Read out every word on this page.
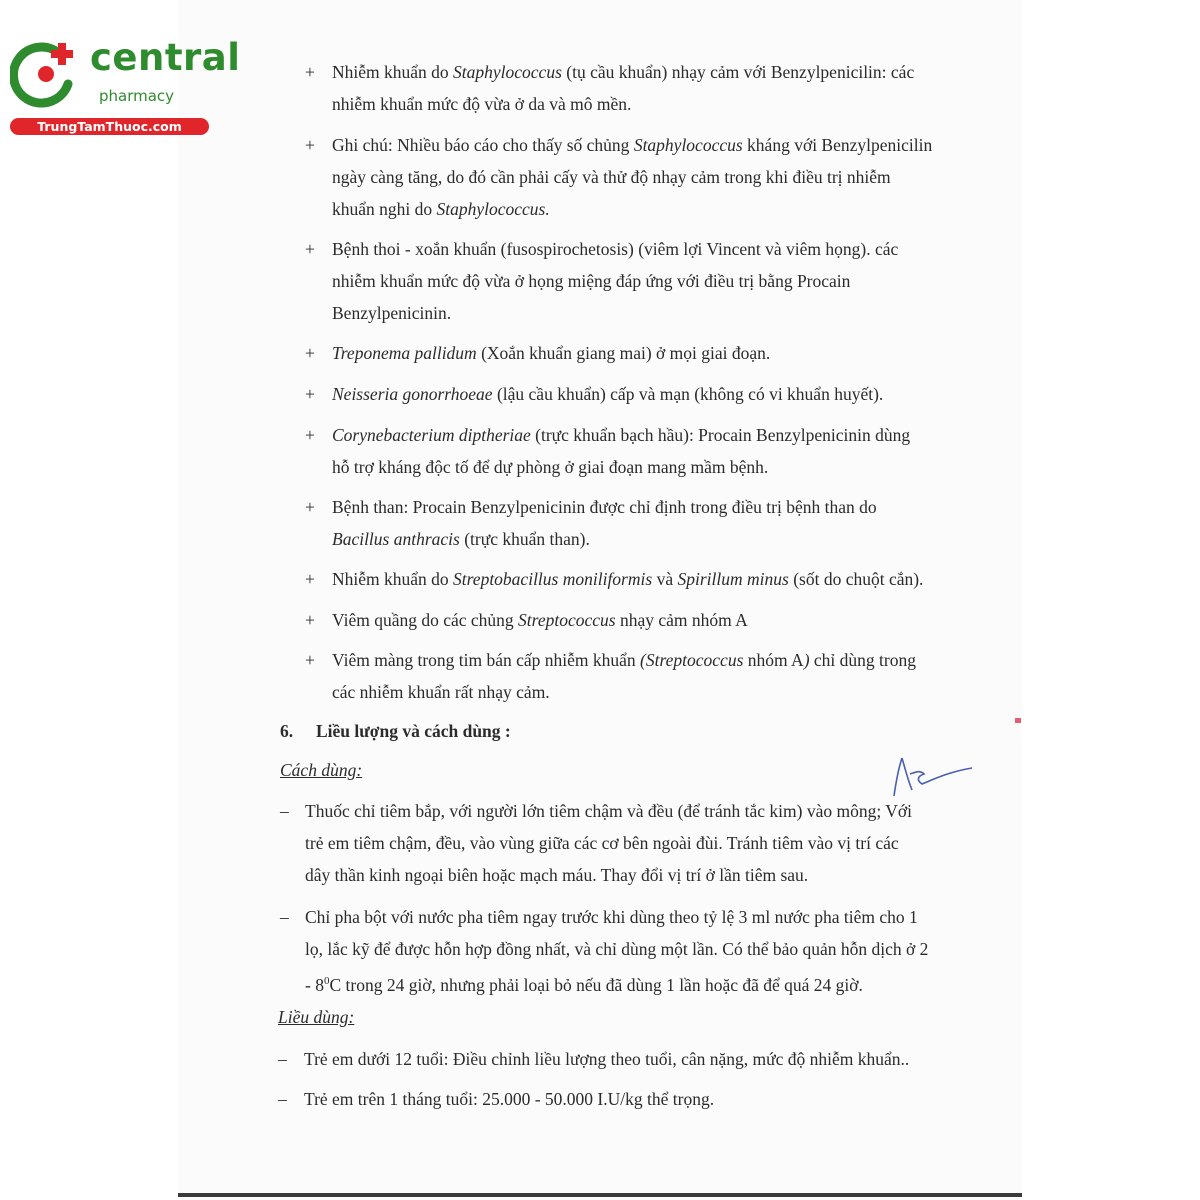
central
pharmacy
TrungTamThuoc.com
6. Liều lượng và cách dùng :
Cách dùng:
Liều dùng:
+ Nhiễm khuẩn do Staphylococcus (tụ cầu khuẩn) nhạy cảm với Benzylpenicilin: các
nhiễm khuẩn mức độ vừa ở da và mô mền.
+ Ghi chú: Nhiều báo cáo cho thấy số chủng Staphylococcus kháng với Benzylpenicilin
ngày càng tăng, do đó cần phải cấy và thử độ nhạy cảm trong khi điều trị nhiễm
khuẩn nghi do Staphylococcus.
+ Bệnh thoi - xoắn khuẩn (fusospirochetosis) (viêm lợi Vincent và viêm họng). các
nhiễm khuẩn mức độ vừa ở họng miệng đáp ứng với điều trị bằng Procain
Benzylpenicinin.
+ Treponema pallidum (Xoắn khuẩn giang mai) ở mọi giai đoạn.
+ Neisseria gonorrhoeae (lậu cầu khuẩn) cấp và mạn (không có vi khuẩn huyết).
+ Corynebacterium diptheriae (trực khuẩn bạch hầu): Procain Benzylpenicinin dùng
hỗ trợ kháng độc tố để dự phòng ở giai đoạn mang mầm bệnh.
+ Bệnh than: Procain Benzylpenicinin được chỉ định trong điều trị bệnh than do
Bacillus anthracis (trực khuẩn than).
+ Nhiễm khuẩn do Streptobacillus moniliformis và Spirillum minus (sốt do chuột cắn).
+ Viêm quầng do các chủng Streptococcus nhạy cảm nhóm A
+ Viêm màng trong tim bán cấp nhiễm khuẩn (Streptococcus nhóm A) chỉ dùng trong
các nhiễm khuẩn rất nhạy cảm.
– Thuốc chỉ tiêm bắp, với người lớn tiêm chậm và đều (để tránh tắc kim) vào mông; Với
trẻ em tiêm chậm, đều, vào vùng giữa các cơ bên ngoài đùi. Tránh tiêm vào vị trí các
dây thần kinh ngoại biên hoặc mạch máu. Thay đổi vị trí ở lần tiêm sau.
– Chỉ pha bột với nước pha tiêm ngay trước khi dùng theo tỷ lệ 3 ml nước pha tiêm cho 1
lọ, lắc kỹ để được hỗn hợp đồng nhất, và chỉ dùng một lần. Có thể bảo quản hỗn dịch ở 2
- $8^0C$ trong 24 giờ, nhưng phải loại bỏ nếu đã dùng 1 lần hoặc đã để quá 24 giờ.
– Trẻ em dưới 12 tuổi: Điều chỉnh liều lượng theo tuổi, cân nặng, mức độ nhiễm khuẩn..
– Trẻ em trên 1 tháng tuổi: 25.000 - 50.000 I.U/kg thể trọng.
